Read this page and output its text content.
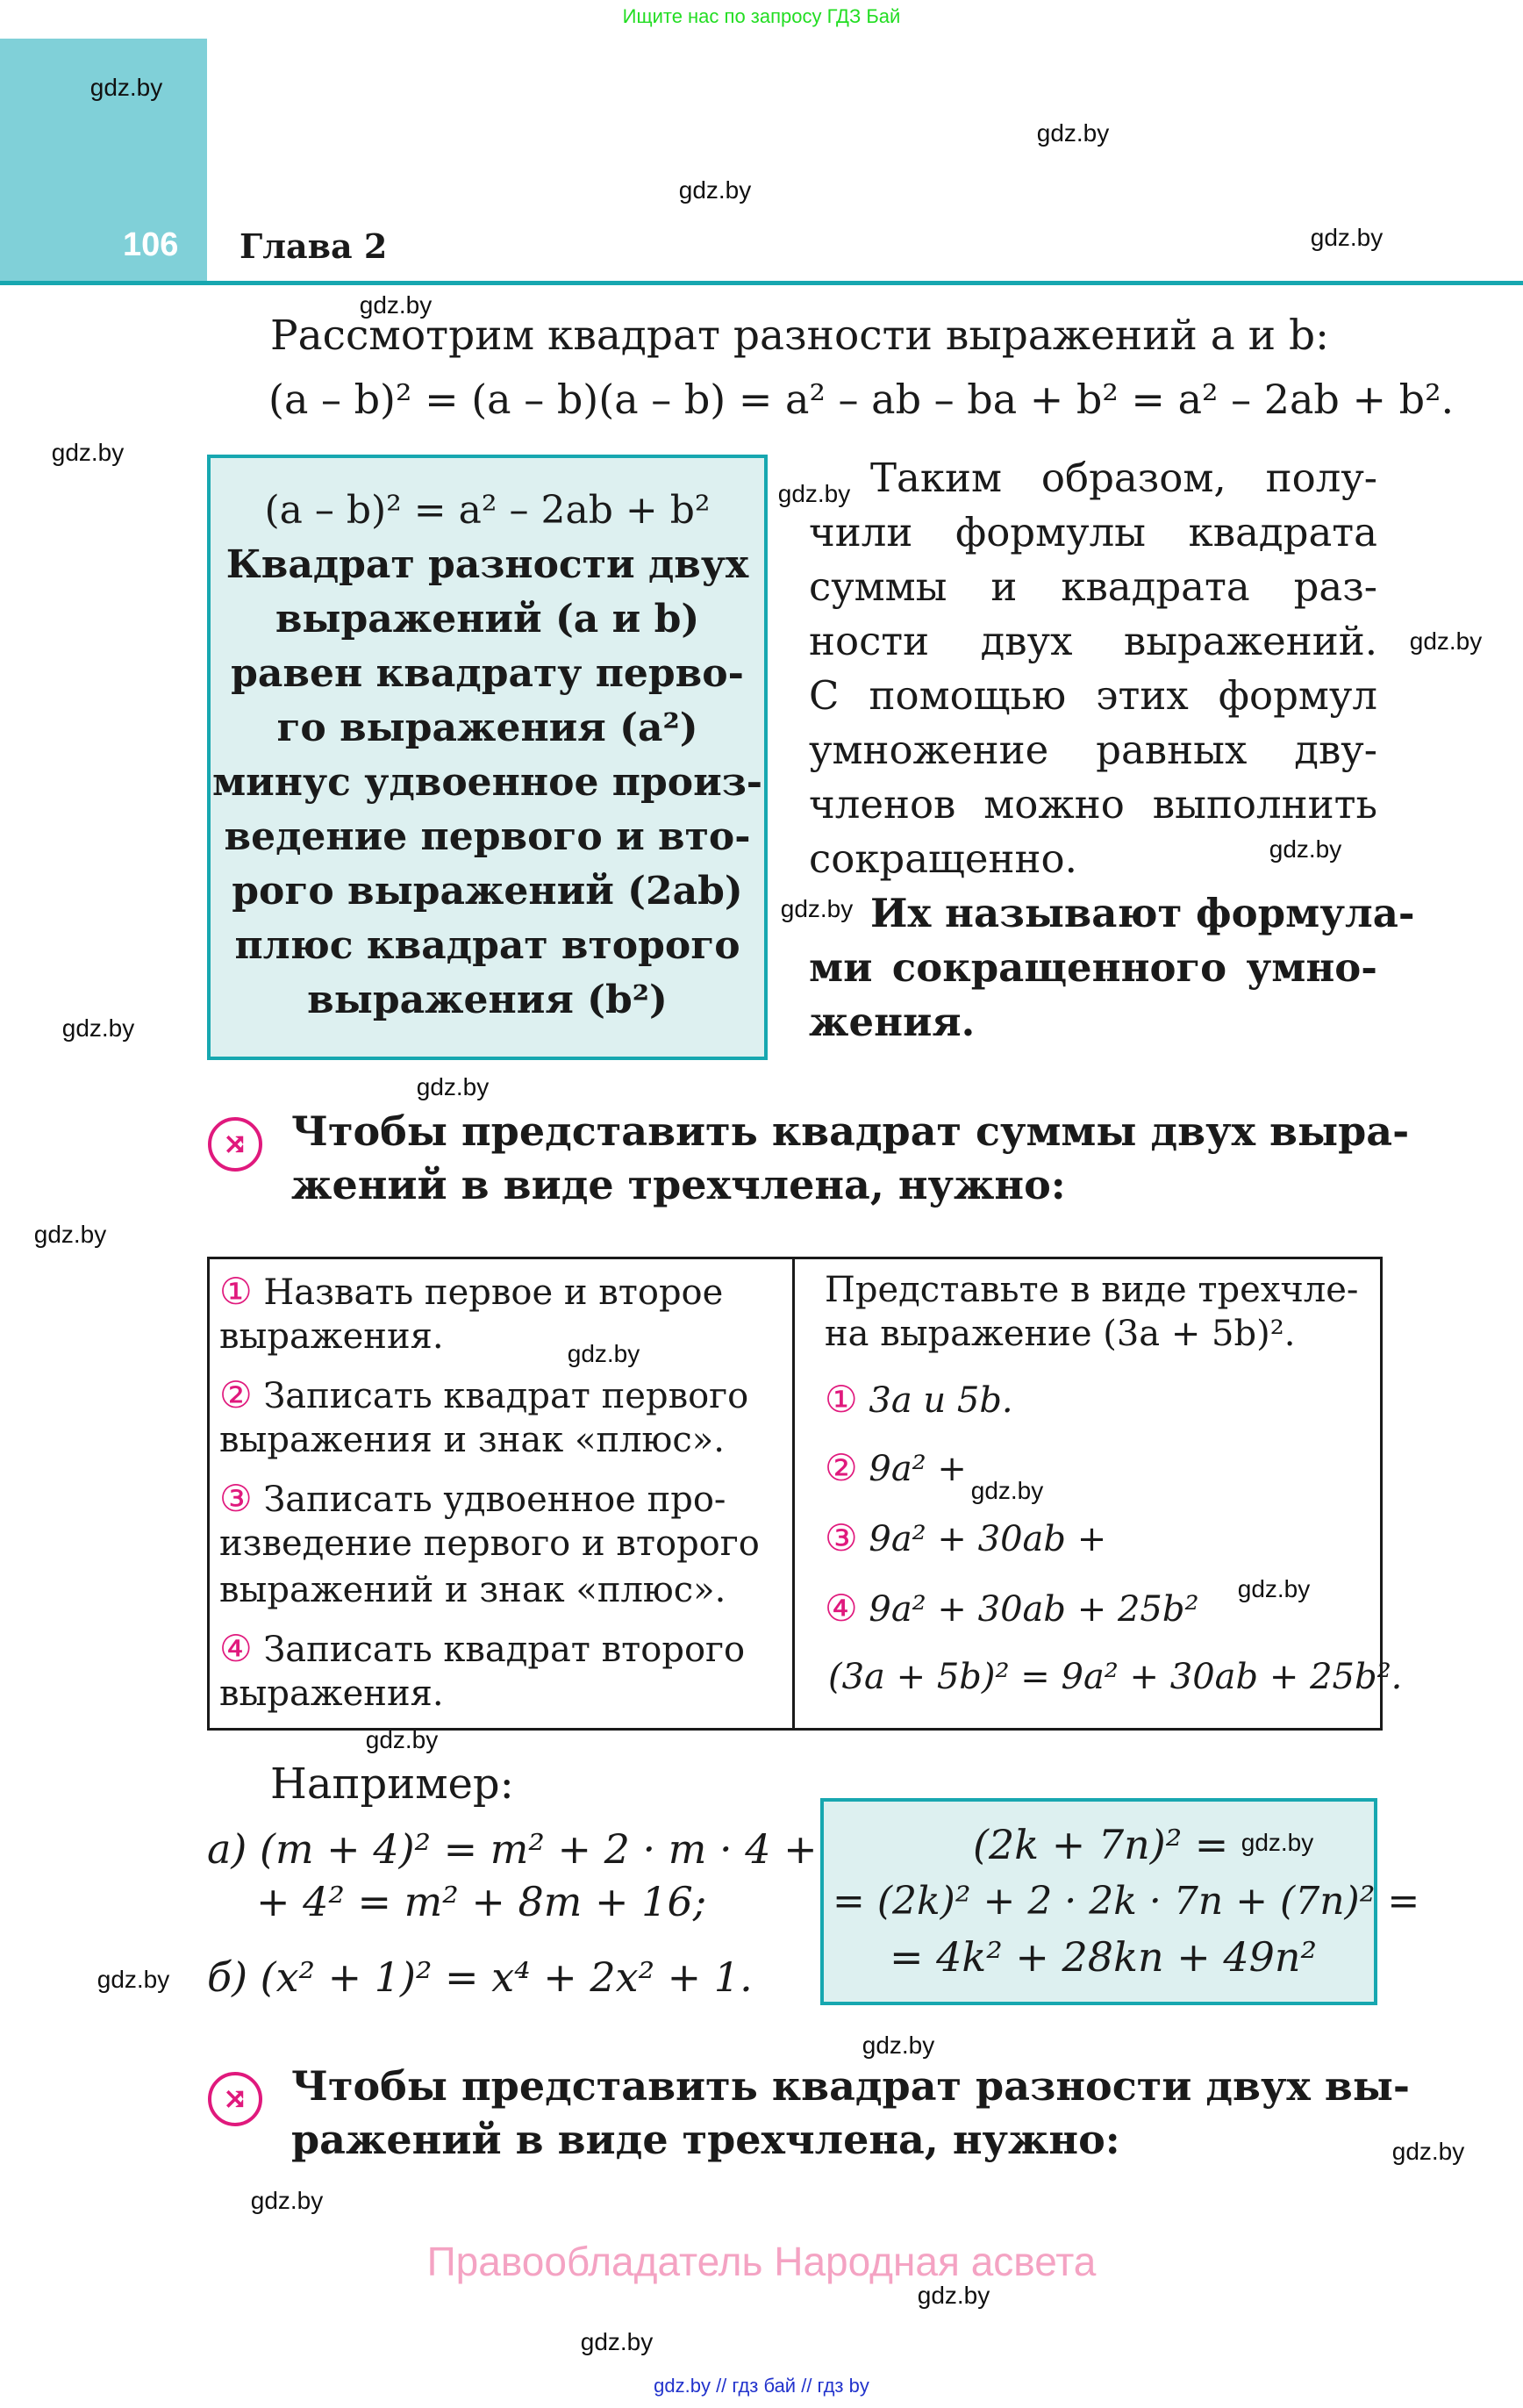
Ищите нас по запросу ГДЗ Бай
106 Глава 2
Рассмотрим квадрат разности выражений a и b:
(a – b)² = (a – b)(a – b) = a² – ab – ba + b² = a² – 2ab + b².
(a – b)² = a² – 2ab + b²
Квадрат разности двух
выражений (a и b)
равен квадрату перво-
го выражения (a²)
минус удвоенное произ-
ведение первого и вто-
рого выражений (2ab)
плюс квадрат второго
выражения (b²)
Таким образом, полу-
чили формулы квадрата
суммы и квадрата раз-
ности двух выражений.
С помощью этих формул
умножение равных дву-
членов можно выполнить
сокращенно.
Их называют формула-
ми сокращенного умно-
жения.
⤨	Чтобы представить квадрат суммы двух выра-
жений в виде трехчлена, нужно:
① Назвать первое и второе
выражения.
② Записать квадрат первого
выражения и знак «плюс».
③ Записать удвоенное про-
изведение первого и второго
выражений и знак «плюс».
④ Записать квадрат второго
выражения.
Представьте в виде трехчле-
на выражение (3a + 5b)².
① 3a и 5b.
② 9a² +
③ 9a² + 30ab +
④ 9a² + 30ab + 25b²
(3a + 5b)² = 9a² + 30ab + 25b².
Например:
а) (m + 4)² = m² + 2 · m · 4 +
+ 4² = m² + 8m + 16;
б) (x² + 1)² = x⁴ + 2x² + 1.
(2k + 7n)² =
= (2k)² + 2 · 2k · 7n + (7n)² =
= 4k² + 28kn + 49n²
⤨	Чтобы представить квадрат разности двух вы-
ражений в виде трехчлена, нужно:
Правообладатель Народная асвета
gdz.by // гдз бай // гдз by
gdz.by
gdz.by
gdz.by
gdz.by
gdz.by
gdz.by
gdz.by
gdz.by
gdz.by
gdz.by
gdz.by
gdz.by
gdz.by
gdz.by
gdz.by
gdz.by
gdz.by
gdz.by
gdz.by
gdz.by
gdz.by
gdz.by
gdz.by
gdz.by
